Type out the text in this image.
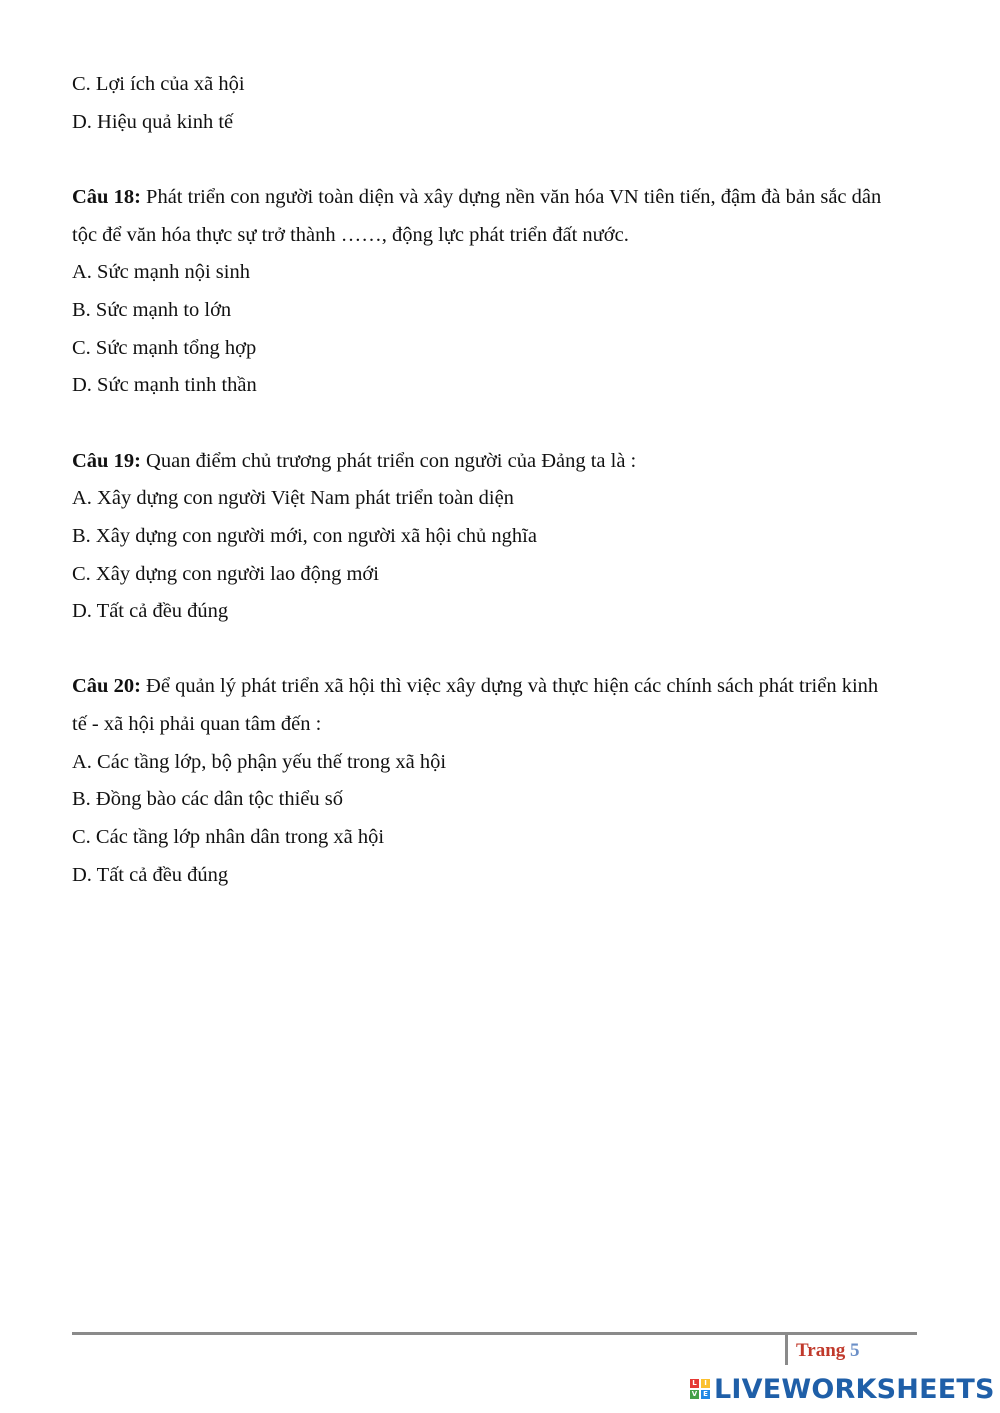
C. Lợi ích của xã hội
D. Hiệu quả kinh tế
Câu 18: Phát triển con người toàn diện và xây dựng nền văn hóa VN tiên tiến, đậm đà bản sắc dân
tộc để văn hóa thực sự trở thành ……, động lực phát triển đất nước.
A. Sức mạnh nội sinh
B. Sức mạnh to lớn
C. Sức mạnh tổng hợp
D. Sức mạnh tinh thần
Câu 19: Quan điểm chủ trương phát triển con người của Đảng ta là :
A. Xây dựng con người Việt Nam phát triển toàn diện
B. Xây dựng con người mới, con người xã hội chủ nghĩa
C. Xây dựng con người lao động mới
D. Tất cả đều đúng
Câu 20: Để quản lý phát triển xã hội thì việc xây dựng và thực hiện các chính sách phát triển kinh
tế - xã hội phải quan tâm đến :
A. Các tầng lớp, bộ phận yếu thế trong xã hội
B. Đồng bào các dân tộc thiểu số
C. Các tầng lớp nhân dân trong xã hội
D. Tất cả đều đúng
Trang 5
L	I
V E LIVEWORKSHEETS
